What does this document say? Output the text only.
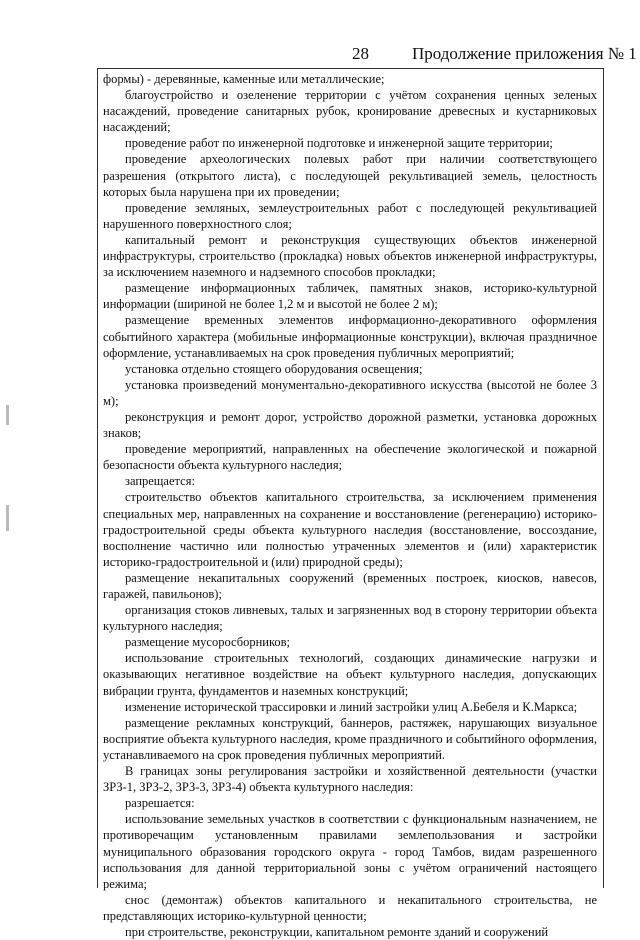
28	Продолжение приложения № 1

формы) - деревянные, каменные или металлические;

благоустройство и озеленение территории с учётом сохранения ценных зеленых насаждений, проведение санитарных рубок, кронирование древесных и кустарниковых насаждений;

проведение работ по инженерной подготовке и инженерной защите территории;

проведение археологических полевых работ при наличии соответствующего разрешения (открытого листа), с последующей рекультивацией земель, целостность которых была нарушена при их проведении;

проведение земляных, землеустроительных работ с последующей рекультивацией нарушенного поверхностного слоя;

капитальный ремонт и реконструкция существующих объектов инженерной инфраструктуры, строительство (прокладка) новых объектов инженерной инфраструктуры, за исключением наземного и надземного способов прокладки;

размещение информационных табличек, памятных знаков, историко-культурной информации (шириной не более 1,2 м и высотой не более 2 м);

размещение временных элементов информационно-декоративного оформления событийного характера (мобильные информационные конструкции), включая праздничное оформление, устанавливаемых на срок проведения публичных мероприятий;

установка отдельно стоящего оборудования освещения;

установка произведений монументально-декоративного искусства (высотой не более 3 м);

реконструкция и ремонт дорог, устройство дорожной разметки, установка дорожных знаков;

проведение мероприятий, направленных на обеспечение экологической и пожарной безопасности объекта культурного наследия;

запрещается:

строительство объектов капитального строительства, за исключением применения специальных мер, направленных на сохранение и восстановление (регенерацию) историко-градостроительной среды объекта культурного наследия (восстановление, воссоздание, восполнение частично или полностью утраченных элементов и (или) характеристик историко-градостроительной и (или) природной среды);

размещение некапитальных сооружений (временных построек, киосков, навесов, гаражей, павильонов);

организация стоков ливневых, талых и загрязненных вод в сторону территории объекта культурного наследия;

размещение мусоросборников;

использование строительных технологий, создающих динамические нагрузки и оказывающих негативное воздействие на объект культурного наследия, допускающих вибрации грунта, фундаментов и наземных конструкций;

изменение исторической трассировки и линий застройки улиц А.Бебеля и К.Маркса;

размещение рекламных конструкций, баннеров, растяжек, нарушающих визуальное восприятие объекта культурного наследия, кроме праздничного и событийного оформления, устанавливаемого на срок проведения публичных мероприятий.

В границах зоны регулирования застройки и хозяйственной деятельности (участки ЗРЗ-1, ЗРЗ-2, ЗРЗ-3, ЗРЗ-4) объекта культурного наследия:

разрешается:

использование земельных участков в соответствии с функциональным назначением, не противоречащим установленным правилами землепользования и застройки муниципального образования городского округа - город Тамбов, видам разрешенного использования для данной территориальной зоны с учётом ограничений настоящего режима;

снос (демонтаж) объектов капитального и некапитального строительства, не представляющих историко-культурной ценности;

при строительстве, реконструкции, капитальном ремонте зданий и сооружений
